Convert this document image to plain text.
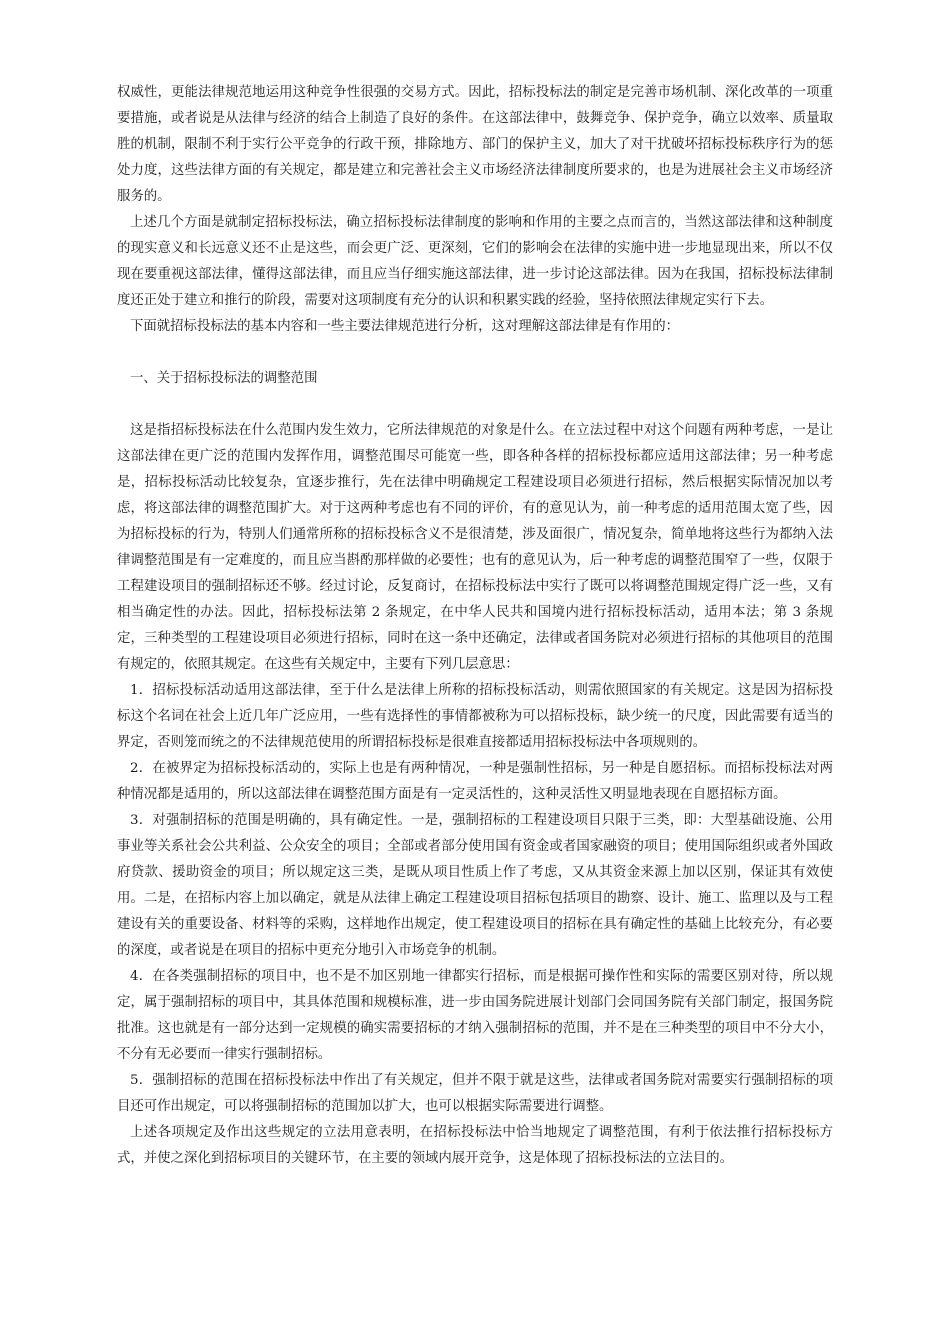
权威性，更能法律规范地运用这种竞争性很强的交易方式。因此，招标投标法的制定是完善市场机制、深化改革的一项重要措施，或者说是从法律与经济的结合上制造了良好的条件。在这部法律中，鼓舞竞争、保护竞争，确立以效率、质量取胜的机制，限制不利于实行公平竞争的行政干预，排除地方、部门的保护主义，加大了对干扰破坏招标投标秩序行为的惩处力度，这些法律方面的有关规定，都是建立和完善社会主义市场经济法律制度所要求的，也是为进展社会主义市场经济服务的。

上述几个方面是就制定招标投标法，确立招标投标法律制度的影响和作用的主要之点而言的，当然这部法律和这种制度的现实意义和长远意义还不止是这些，而会更广泛、更深刻，它们的影响会在法律的实施中进一步地显现出来，所以不仅现在要重视这部法律，懂得这部法律，而且应当仔细实施这部法律，进一步讨论这部法律。因为在我国，招标投标法律制度还正处于建立和推行的阶段，需要对这项制度有充分的认识和积累实践的经验，坚持依照法律规定实行下去。

下面就招标投标法的基本内容和一些主要法律规范进行分析，这对理解这部法律是有作用的：

一、关于招标投标法的调整范围

这是指招标投标法在什么范围内发生效力，它所法律规范的对象是什么。在立法过程中对这个问题有两种考虑，一是让这部法律在更广泛的范围内发挥作用，调整范围尽可能宽一些，即各种各样的招标投标都应适用这部法律；另一种考虑是，招标投标活动比较复杂，宜逐步推行，先在法律中明确规定工程建设项目必须进行招标，然后根据实际情况加以考虑，将这部法律的调整范围扩大。对于这两种考虑也有不同的评价，有的意见认为，前一种考虑的适用范围太宽了些，因为招标投标的行为，特别人们通常所称的招标投标含义不是很清楚，涉及面很广，情况复杂，简单地将这些行为都纳入法律调整范围是有一定难度的，而且应当斟酌那样做的必要性；也有的意见认为，后一种考虑的调整范围窄了一些，仅限于工程建设项目的强制招标还不够。经过讨论，反复商讨，在招标投标法中实行了既可以将调整范围规定得广泛一些，又有相当确定性的办法。因此，招标投标法第 2 条规定，在中华人民共和国境内进行招标投标活动，适用本法；第 3 条规定，三种类型的工程建设项目必须进行招标，同时在这一条中还确定，法律或者国务院对必须进行招标的其他项目的范围有规定的，依照其规定。在这些有关规定中，主要有下列几层意思：

1．招标投标活动适用这部法律，至于什么是法律上所称的招标投标活动，则需依照国家的有关规定。这是因为招标投标这个名词在社会上近几年广泛应用，一些有选择性的事情都被称为可以招标投标，缺少统一的尺度，因此需要有适当的界定，否则笼而统之的不法律规范使用的所谓招标投标是很难直接都适用招标投标法中各项规则的。

2．在被界定为招标投标活动的，实际上也是有两种情况，一种是强制性招标，另一种是自愿招标。而招标投标法对两种情况都是适用的，所以这部法律在调整范围方面是有一定灵活性的，这种灵活性又明显地表现在自愿招标方面。

3．对强制招标的范围是明确的，具有确定性。一是，强制招标的工程建设项目只限于三类，即：大型基础设施、公用事业等关系社会公共利益、公众安全的项目；全部或者部分使用国有资金或者国家融资的项目；使用国际组织或者外国政府贷款、援助资金的项目；所以规定这三类，是既从项目性质上作了考虑，又从其资金来源上加以区别，保证其有效使用。二是，在招标内容上加以确定，就是从法律上确定工程建设项目招标包括项目的勘察、设计、施工、监理以及与工程建设有关的重要设备、材料等的采购，这样地作出规定，使工程建设项目的招标在具有确定性的基础上比较充分，有必要的深度，或者说是在项目的招标中更充分地引入市场竞争的机制。

4．在各类强制招标的项目中，也不是不加区别地一律都实行招标，而是根据可操作性和实际的需要区别对待，所以规定，属于强制招标的项目中，其具体范围和规模标准，进一步由国务院进展计划部门会同国务院有关部门制定，报国务院批准。这也就是有一部分达到一定规模的确实需要招标的才纳入强制招标的范围，并不是在三种类型的项目中不分大小，不分有无必要而一律实行强制招标。

5．强制招标的范围在招标投标法中作出了有关规定，但并不限于就是这些，法律或者国务院对需要实行强制招标的项目还可作出规定，可以将强制招标的范围加以扩大，也可以根据实际需要进行调整。

上述各项规定及作出这些规定的立法用意表明，在招标投标法中恰当地规定了调整范围，有利于依法推行招标投标方式，并使之深化到招标项目的关键环节，在主要的领域内展开竞争，这是体现了招标投标法的立法目的。
